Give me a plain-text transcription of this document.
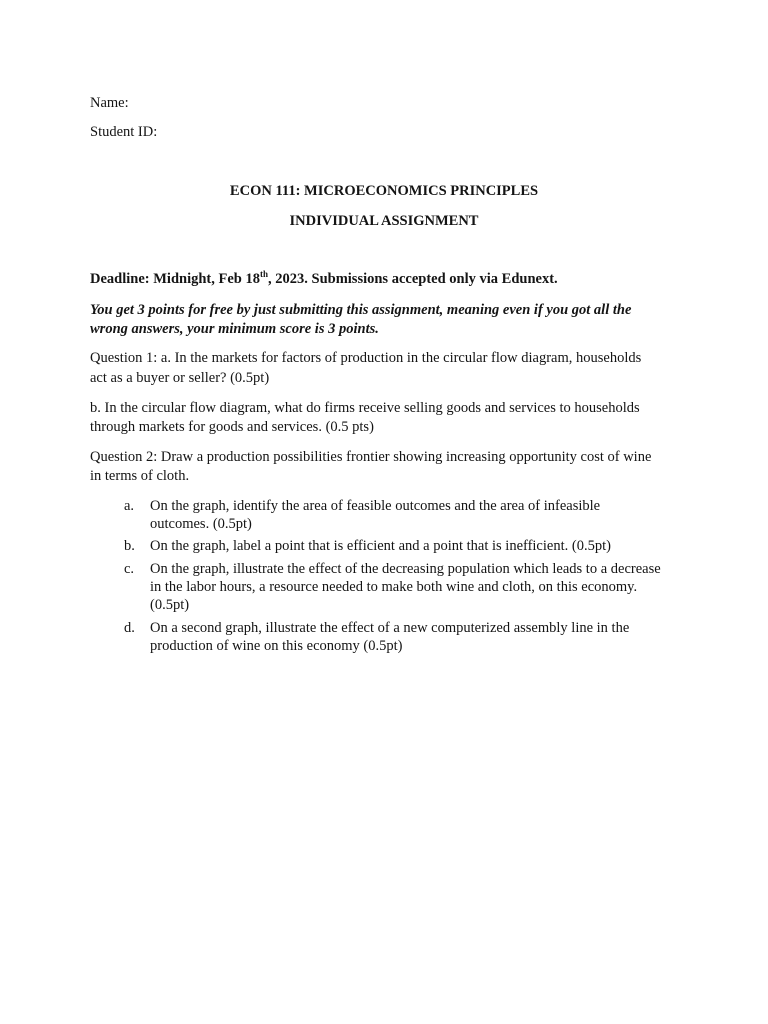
Name:
Student ID:
ECON 111: MICROECONOMICS PRINCIPLES
INDIVIDUAL ASSIGNMENT
Deadline: Midnight, Feb 18th, 2023. Submissions accepted only via Edunext.
You get 3 points for free by just submitting this assignment, meaning even if you got all the
wrong answers, your minimum score is 3 points.
Question 1: a. In the markets for factors of production in the circular flow diagram, households
act as a buyer or seller? (0.5pt)
b. In the circular flow diagram, what do firms receive selling goods and services to households
through markets for goods and services. (0.5 pts)
Question 2: Draw a production possibilities frontier showing increasing opportunity cost of wine
in terms of cloth.
a.	On the graph, identify the area of feasible outcomes and the area of infeasible
outcomes. (0.5pt)
b.	On the graph, label a point that is efficient and a point that is inefficient. (0.5pt)
c.	On the graph, illustrate the effect of the decreasing population which leads to a decrease
in the labor hours, a resource needed to make both wine and cloth, on this economy.
(0.5pt)
d.	On a second graph, illustrate the effect of a new computerized assembly line in the
production of wine on this economy (0.5pt)
